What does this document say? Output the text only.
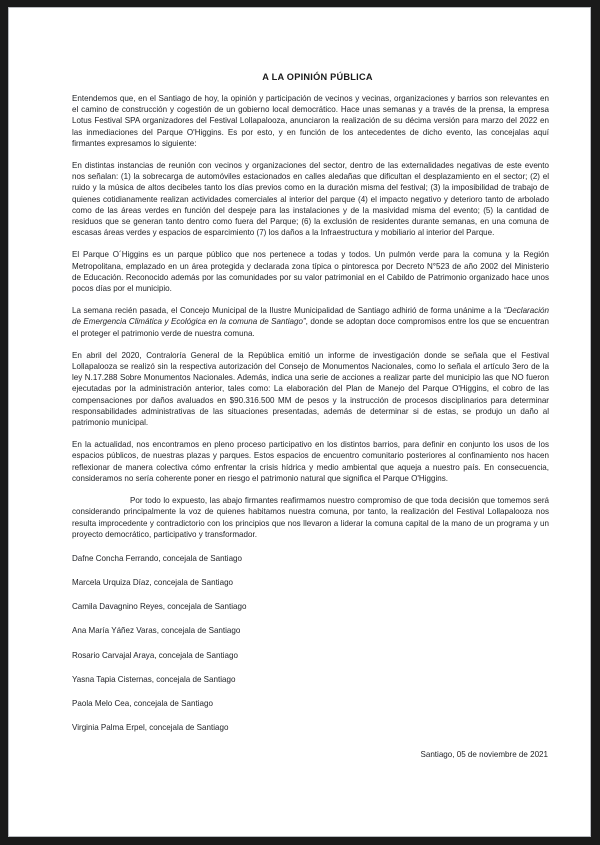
A LA OPINIÓN PÚBLICA

Entendemos que, en el Santiago de hoy, la opinión y participación de vecinos y vecinas, organizaciones y barrios son relevantes en el camino de construcción y cogestión de un gobierno local democrático. Hace unas semanas y a través de la prensa, la empresa Lotus Festival SPA organizadores del Festival Lollapalooza, anunciaron la realización de su décima versión para marzo del 2022 en las inmediaciones del Parque O'Higgins. Es por esto, y en función de los antecedentes de dicho evento, las concejalas aquí firmantes expresamos lo siguiente:

En distintas instancias de reunión con vecinos y organizaciones del sector, dentro de las externalidades negativas de este evento nos señalan: (1) la sobrecarga de automóviles estacionados en calles aledañas que dificultan el desplazamiento en el sector; (2) el ruido y la música de altos decibeles tanto los días previos como en la duración misma del festival; (3) la imposibilidad de trabajo de quienes cotidianamente realizan actividades comerciales al interior del parque (4) el impacto negativo y deterioro tanto de arbolado como de las áreas verdes en función del despeje para las instalaciones y de la masividad misma del evento; (5) la cantidad de residuos que se generan tanto dentro como fuera del Parque; (6) la exclusión de residentes durante semanas, en una comuna de escasas áreas verdes y espacios de esparcimiento (7) los daños a la Infraestructura y mobiliario al interior del Parque.

El Parque O´Higgins es un parque público que nos pertenece a todas y todos. Un pulmón verde para la comuna y la Región Metropolitana, emplazado en un área protegida y declarada zona típica o pintoresca por Decreto N°523 de año 2002 del Ministerio de Educación. Reconocido además por las comunidades por su valor patrimonial en el Cabildo de Patrimonio organizado hace unos pocos días por el municipio.

La semana recién pasada, el Concejo Municipal de la Ilustre Municipalidad de Santiago adhirió de forma unánime a la “Declaración de Emergencia Climática y Ecológica en la comuna de Santiago”, donde se adoptan doce compromisos entre los que se encuentran el proteger el patrimonio verde de nuestra comuna.

En abril del 2020, Contraloría General de la República emitió un informe de investigación donde se señala que el Festival Lollapalooza se realizó sin la respectiva autorización del Consejo de Monumentos Nacionales, como lo señala el artículo 3ero de la ley N.17.288 Sobre Monumentos Nacionales. Además, indica una serie de acciones a realizar parte del municipio las que NO fueron ejecutadas por la administración anterior, tales como: La elaboración del Plan de Manejo del Parque O'Higgins, el cobro de las compensaciones por daños avaluados en $90.316.500 MM de pesos y la instrucción de procesos disciplinarios para determinar responsabilidades administrativas de las situaciones presentadas, además de determinar si de estas, se produjo un daño al patrimonio municipal.

En la actualidad, nos encontramos en pleno proceso participativo en los distintos barrios, para definir en conjunto los usos de los espacios públicos, de nuestras plazas y parques. Estos espacios de encuentro comunitario posteriores al confinamiento nos hacen reflexionar de manera colectiva cómo enfrentar la crisis hídrica y medio ambiental que aqueja a nuestro país. En consecuencia, consideramos no sería coherente poner en riesgo el patrimonio natural que significa el Parque O'Higgins.

Por todo lo expuesto, las abajo firmantes reafirmamos nuestro compromiso de que toda decisión que tomemos será considerando principalmente la voz de quienes habitamos nuestra comuna, por tanto, la realización del Festival Lollapalooza nos resulta improcedente y contradictorio con los principios que nos llevaron a liderar la comuna capital de la mano de un programa y un proyecto democrático, participativo y transformador.

Dafne Concha Ferrando, concejala de Santiago
Marcela Urquiza Díaz, concejala de Santiago
Camila Davagnino Reyes, concejala de Santiago
Ana María Yáñez Varas, concejala de Santiago
Rosario Carvajal Araya, concejala de Santiago
Yasna Tapia Cisternas, concejala de Santiago
Paola Melo Cea, concejala de Santiago
Virginia Palma Erpel, concejala de Santiago
Santiago, 05 de noviembre de 2021
